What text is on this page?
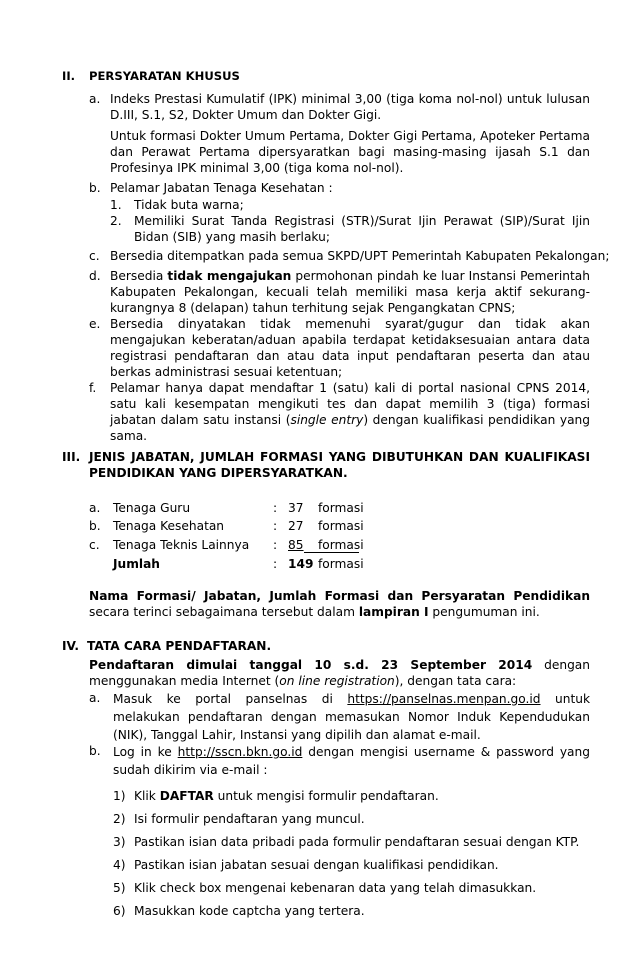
II. PERSYARATAN KHUSUS
a. Indeks Prestasi Kumulatif (IPK) minimal 3,00 (tiga koma nol-nol) untuk lulusan D.III, S.1, S2, Dokter Umum dan Dokter Gigi.
Untuk formasi Dokter Umum Pertama, Dokter Gigi Pertama, Apoteker Pertama dan Perawat Pertama dipersyaratkan bagi masing-masing ijasah S.1 dan Profesinya IPK minimal 3,00 (tiga koma nol-nol).
b. Pelamar Jabatan Tenaga Kesehatan :
1. Tidak buta warna;
2. Memiliki Surat Tanda Registrasi (STR)/Surat Ijin Perawat (SIP)/Surat Ijin Bidan (SIB) yang masih berlaku;
c. Bersedia ditempatkan pada semua SKPD/UPT Pemerintah Kabupaten Pekalongan;
d. Bersedia tidak mengajukan permohonan pindah ke luar Instansi Pemerintah Kabupaten Pekalongan, kecuali telah memiliki masa kerja aktif sekurang-kurangnya 8 (delapan) tahun terhitung sejak Pengangkatan CPNS;
e. Bersedia dinyatakan tidak memenuhi syarat/gugur dan tidak akan mengajukan keberatan/aduan apabila terdapat ketidaksesuaian antara data registrasi pendaftaran dan atau data input pendaftaran peserta dan atau berkas administrasi sesuai ketentuan;
f. Pelamar hanya dapat mendaftar 1 (satu) kali di portal nasional CPNS 2014, satu kali kesempatan mengikuti tes dan dapat memilih 3 (tiga) formasi jabatan dalam satu instansi (single entry) dengan kualifikasi pendidikan yang sama.
III. JENIS JABATAN, JUMLAH FORMASI YANG DIBUTUHKAN DAN KUALIFIKASI PENDIDIKAN YANG DIPERSYARATKAN.
a. Tenaga Guru	: 37 formasi
b. Tenaga Kesehatan	: 27 formasi
c. Tenaga Teknis Lainnya : 85 formasi
Jumlah	: 149 formasi
Nama Formasi/ Jabatan, Jumlah Formasi dan Persyaratan Pendidikan secara terinci sebagaimana tersebut dalam lampiran I pengumuman ini.
IV. TATA CARA PENDAFTARAN.
Pendaftaran dimulai tanggal 10 s.d. 23 September 2014 dengan menggunakan media Internet (on line registration), dengan tata cara:
a. Masuk ke portal panselnas di https://panselnas.menpan.go.id untuk melakukan pendaftaran dengan memasukan Nomor Induk Kependudukan (NIK), Tanggal Lahir, Instansi yang dipilih dan alamat e-mail.
b. Log in ke http://sscn.bkn.go.id dengan mengisi username & password yang sudah dikirim via e-mail :
1) Klik DAFTAR untuk mengisi formulir pendaftaran.
2) Isi formulir pendaftaran yang muncul.
3) Pastikan isian data pribadi pada formulir pendaftaran sesuai dengan KTP.
4) Pastikan isian jabatan sesuai dengan kualifikasi pendidikan.
5) Klik check box mengenai kebenaran data yang telah dimasukkan.
6) Masukkan kode captcha yang tertera.
